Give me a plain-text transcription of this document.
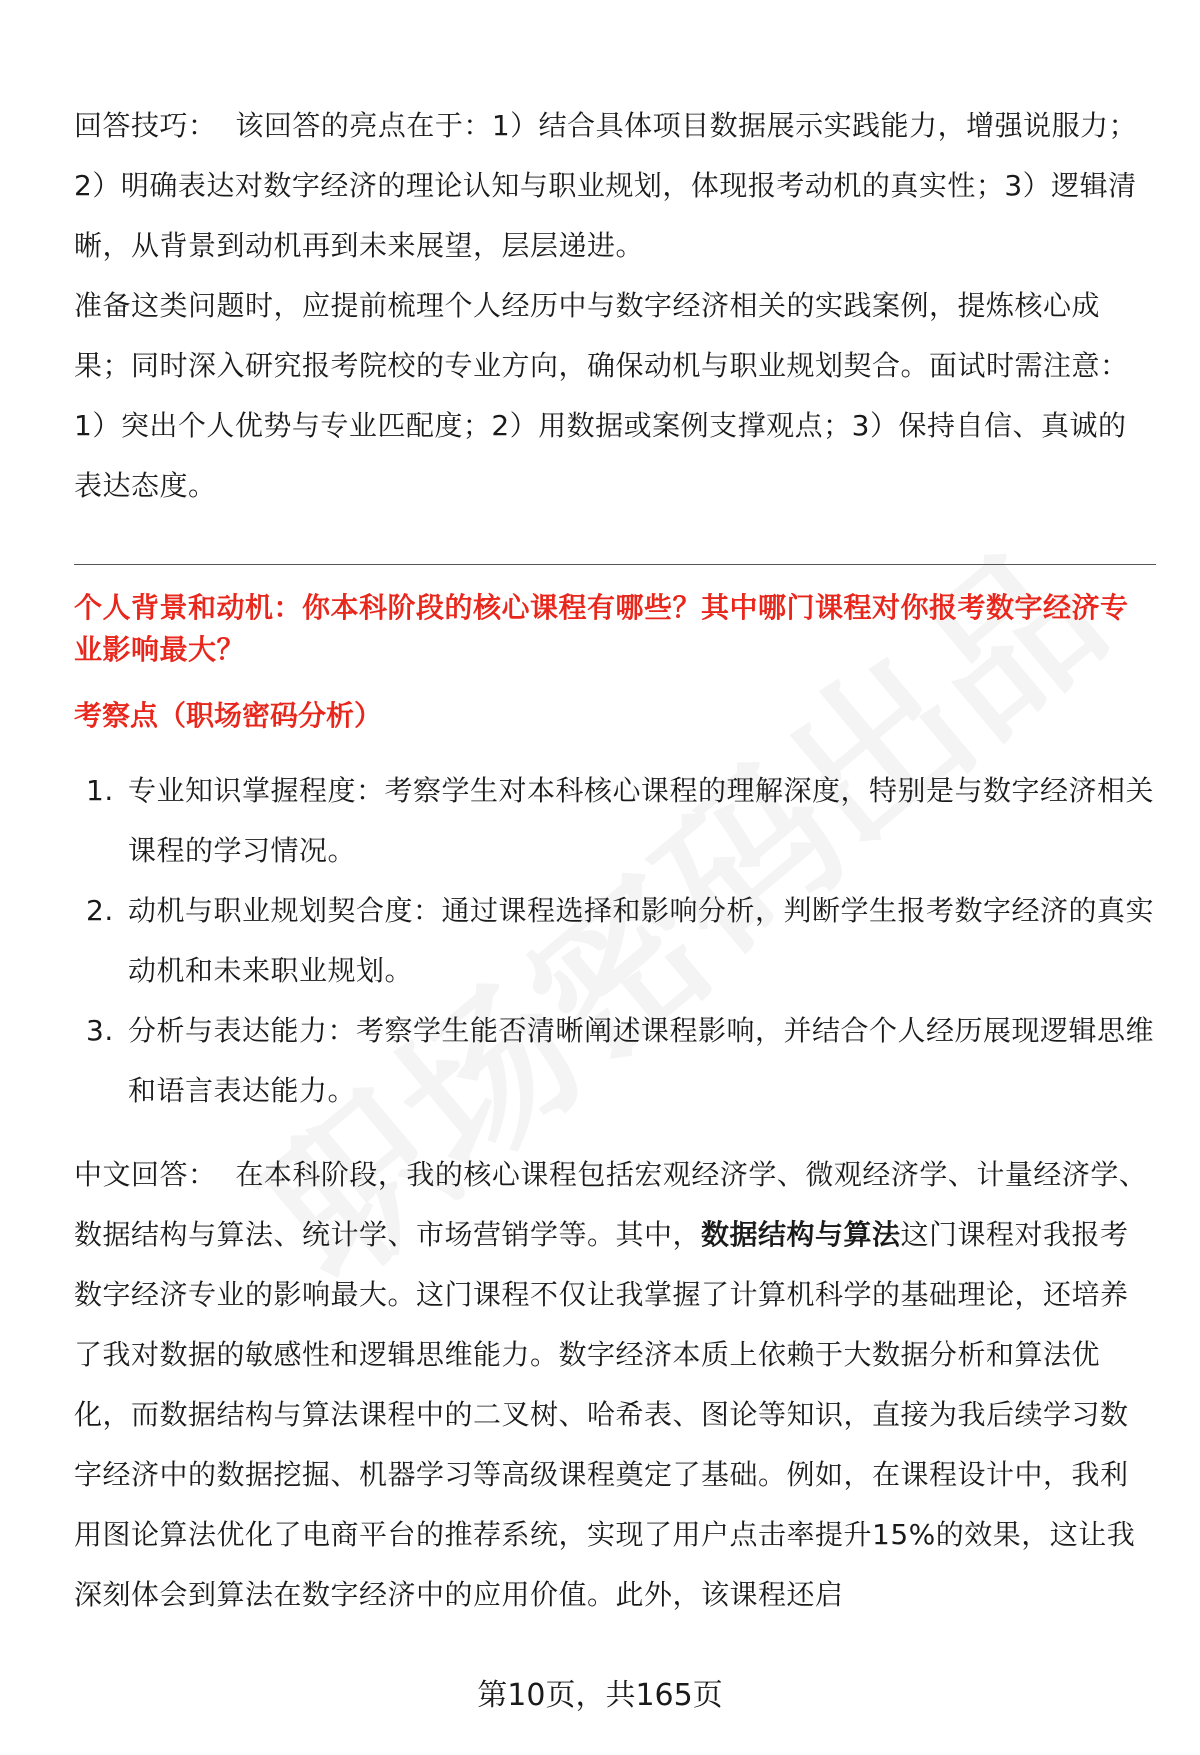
回答技巧： 该回答的亮点在于：1）结合具体项目数据展示实践能力，增强说服力；2）明确表达对数字经济的理论认知与职业规划，体现报考动机的真实性；3）逻辑清晰，从背景到动机再到未来展望，层层递进。

准备这类问题时，应提前梳理个人经历中与数字经济相关的实践案例，提炼核心成果；同时深入研究报考院校的专业方向，确保动机与职业规划契合。面试时需注意：1）突出个人优势与专业匹配度；2）用数据或案例支撑观点；3）保持自信、真诚的表达态度。

个人背景和动机：你本科阶段的核心课程有哪些？其中哪门课程对你报考数字经济专业影响最大？
考察点（职场密码分析）
1. 专业知识掌握程度：考察学生对本科核心课程的理解深度，特别是与数字经济相关课程的学习情况。
2. 动机与职业规划契合度：通过课程选择和影响分析，判断学生报考数字经济的真实动机和未来职业规划。
3. 分析与表达能力：考察学生能否清晰阐述课程影响，并结合个人经历展现逻辑思维和语言表达能力。

中文回答： 在本科阶段，我的核心课程包括宏观经济学、微观经济学、计量经济学、数据结构与算法、统计学、市场营销学等。其中，数据结构与算法这门课程对我报考数字经济专业的影响最大。这门课程不仅让我掌握了计算机科学的基础理论，还培养了我对数据的敏感性和逻辑思维能力。数字经济本质上依赖于大数据分析和算法优化，而数据结构与算法课程中的二叉树、哈希表、图论等知识，直接为我后续学习数字经济中的数据挖掘、机器学习等高级课程奠定了基础。例如，在课程设计中，我利用图论算法优化了电商平台的推荐系统，实现了用户点击率提升15%的效果，这让我深刻体会到算法在数字经济中的应用价值。此外，该课程还启

第10页，共165页
